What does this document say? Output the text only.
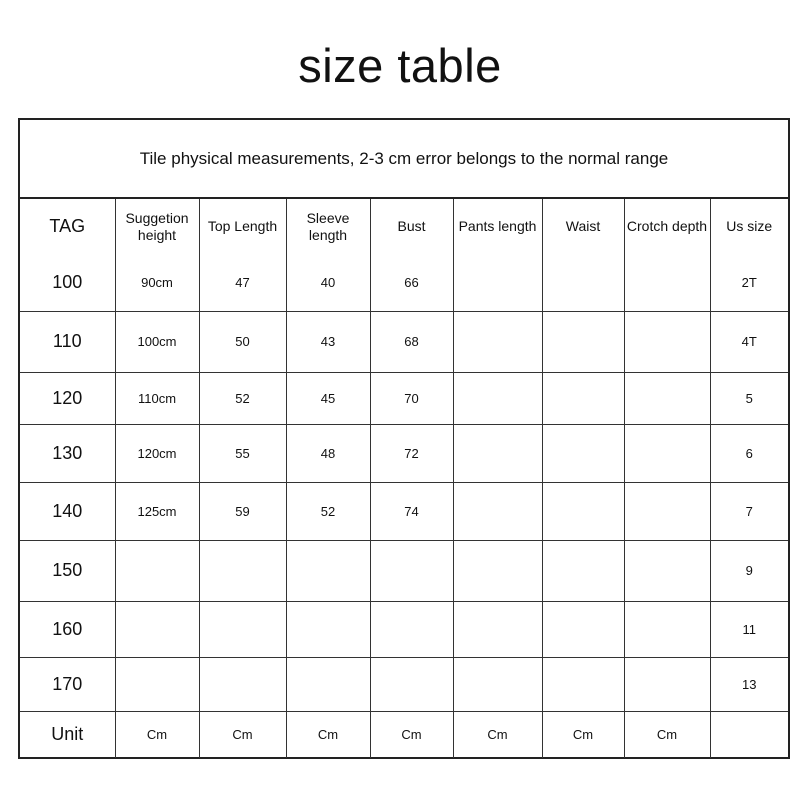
size table
Tile physical measurements, 2-3 cm error belongs to the normal range
TAG	Suggetion height	Top Length	Sleeve length	Bust	Pants length	Waist	Crotch depth	Us size
100	90cm	47	40	66				2T
110	100cm	50	43	68				4T
120	110cm	52	45	70				5
130	120cm	55	48	72				6
140	125cm	59	52	74				7
150								9
160								11
170								13
Unit	Cm	Cm	Cm	Cm	Cm	Cm	Cm	
